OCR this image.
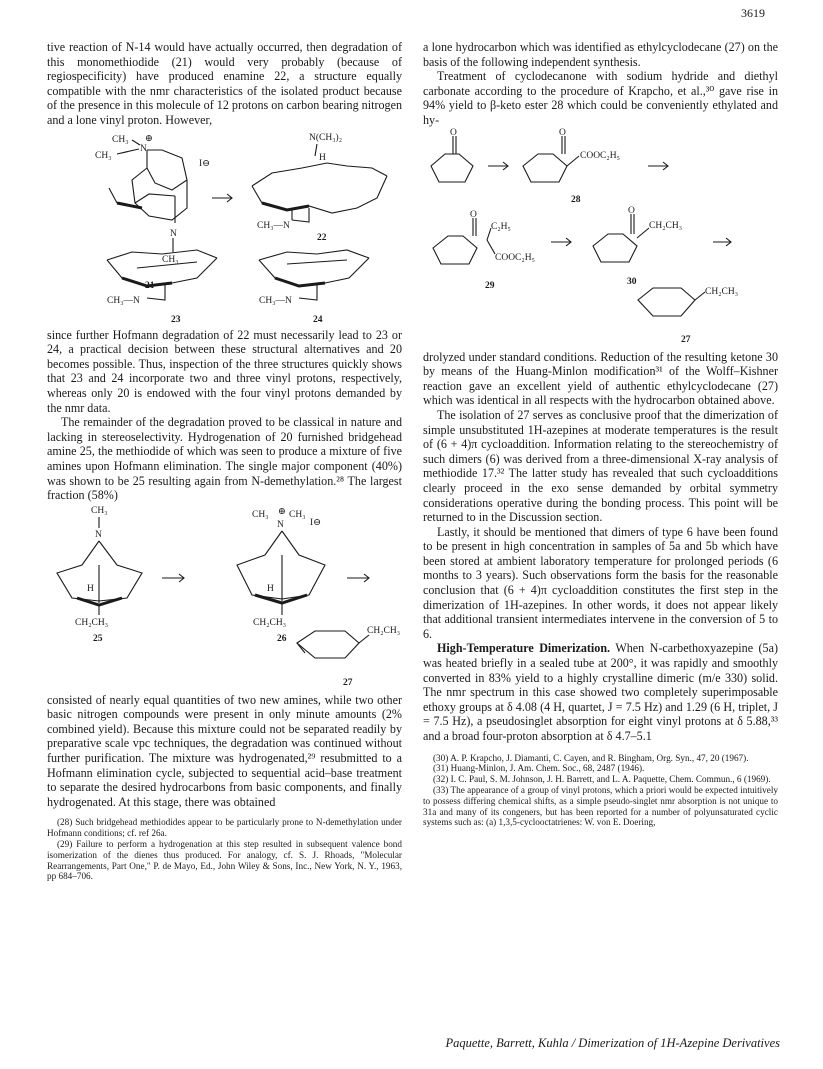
3619

tive reaction of N-14 would have actually occurred, then degradation of this monomethiodide (21) would very probably (because of regiospecificity) have produced enamine 22, a structure equally compatible with the nmr characteristics of the isolated product because of the presence in this molecule of 12 protons on carbon bearing nitrogen and a lone vinyl proton. However,

CH₃
CH₃
N
⊕
I⊖
N
CH₃
21
N(CH₃)₂
H
CH₃—N
22
CH₃—N
23
CH₃—N
24

since further Hofmann degradation of 22 must necessarily lead to 23 or 24, a practical decision between these structural alternatives and 20 becomes possible. Thus, inspection of the three structures quickly shows that 23 and 24 incorporate two and three vinyl protons, respectively, whereas only 20 is endowed with the four vinyl protons demanded by the nmr data.

The remainder of the degradation proved to be classical in nature and lacking in stereoselectivity. Hydrogenation of 20 furnished bridgehead amine 25, the methiodide of which was seen to produce a mixture of five amines upon Hofmann elimination. The single major component (40%) was shown to be 25 resulting again from N-demethylation.²⁸ The largest fraction (58%)

CH₃
N
H
CH₂CH₃
25
CH₃ CH₃
N
⊕
I⊖
H
CH₂CH₃
26
CH₂CH₃
27

consisted of nearly equal quantities of two new amines, while two other basic nitrogen compounds were present in only minute amounts (2% combined yield). Because this mixture could not be separated readily by preparative scale vpc techniques, the degradation was continued without further purification. The mixture was hydrogenated,²⁹ resubmitted to a Hofmann elimination cycle, subjected to sequential acid–base treatment to separate the desired hydrocarbons from basic components, and finally hydrogenated. At this stage, there was obtained

(28) Such bridgehead methiodides appear to be particularly prone to N-demethylation under Hofmann conditions; cf. ref 26a.

(29) Failure to perform a hydrogenation at this step resulted in subsequent valence bond isomerization of the dienes thus produced. For analogy, cf. S. J. Rhoads, "Molecular Rearrangements, Part One," P. de Mayo, Ed., John Wiley & Sons, Inc., New York, N. Y., 1963, pp 684–706.

a lone hydrocarbon which was identified as ethylcyclodecane (27) on the basis of the following independent synthesis.

Treatment of cyclodecanone with sodium hydride and diethyl carbonate according to the procedure of Krapcho, et al.,³⁰ gave rise in 94% yield to β-keto ester 28 which could be conveniently ethylated and hy-

O	O
COOC₂H₅
28
O
C₂H₅
COOC₂H₅
29
O
CH₂CH₃
30
CH₂CH₃
27

drolyzed under standard conditions. Reduction of the resulting ketone 30 by means of the Huang-Minlon modification³¹ of the Wolff–Kishner reaction gave an excellent yield of authentic ethylcyclodecane (27) which was identical in all respects with the hydrocarbon obtained above.

The isolation of 27 serves as conclusive proof that the dimerization of simple unsubstituted 1H-azepines at moderate temperatures is the result of (6 + 4)π cycloaddition. Information relating to the stereochemistry of such dimers (6) was derived from a three-dimensional X-ray analysis of methiodide 17.³² The latter study has revealed that such cycloadditions clearly proceed in the exo sense demanded by orbital symmetry considerations operative during the bonding process. This point will be returned to in the Discussion section.

Lastly, it should be mentioned that dimers of type 6 have been found to be present in high concentration in samples of 5a and 5b which have been stored at ambient laboratory temperature for prolonged periods (6 months to 3 years). Such observations form the basis for the reasonable conclusion that (6 + 4)π cycloaddition constitutes the first step in the dimerization of 1H-azepines. In other words, it does not appear likely that additional transient intermediates intervene in the conversion of 5 to 6.

High-Temperature Dimerization. When N-carbethoxyazepine (5a) was heated briefly in a sealed tube at 200°, it was rapidly and smoothly converted in 83% yield to a highly crystalline dimeric (m/e 330) solid. The nmr spectrum in this case showed two completely superimposable ethoxy groups at δ 4.08 (4 H, quartet, J = 7.5 Hz) and 1.29 (6 H, triplet, J = 7.5 Hz), a pseudosinglet absorption for eight vinyl protons at δ 5.88,³³ and a broad four-proton absorption at δ 4.7–5.1

(30) A. P. Krapcho, J. Diamanti, C. Cayen, and R. Bingham, Org. Syn., 47, 20 (1967).

(31) Huang-Minlon, J. Am. Chem. Soc., 68, 2487 (1946).

(32) I. C. Paul, S. M. Johnson, J. H. Barrett, and L. A. Paquette, Chem. Commun., 6 (1969).

(33) The appearance of a group of vinyl protons, which a priori would be expected intuitively to possess differing chemical shifts, as a simple pseudo-singlet nmr absorption is not unique to 31a and many of its congeners, but has been reported for a number of polyunsaturated cyclic systems such as: (a) 1,3,5-cyclooctatrienes: W. von E. Doering,

Paquette, Barrett, Kuhla / Dimerization of 1H-Azepine Derivatives
